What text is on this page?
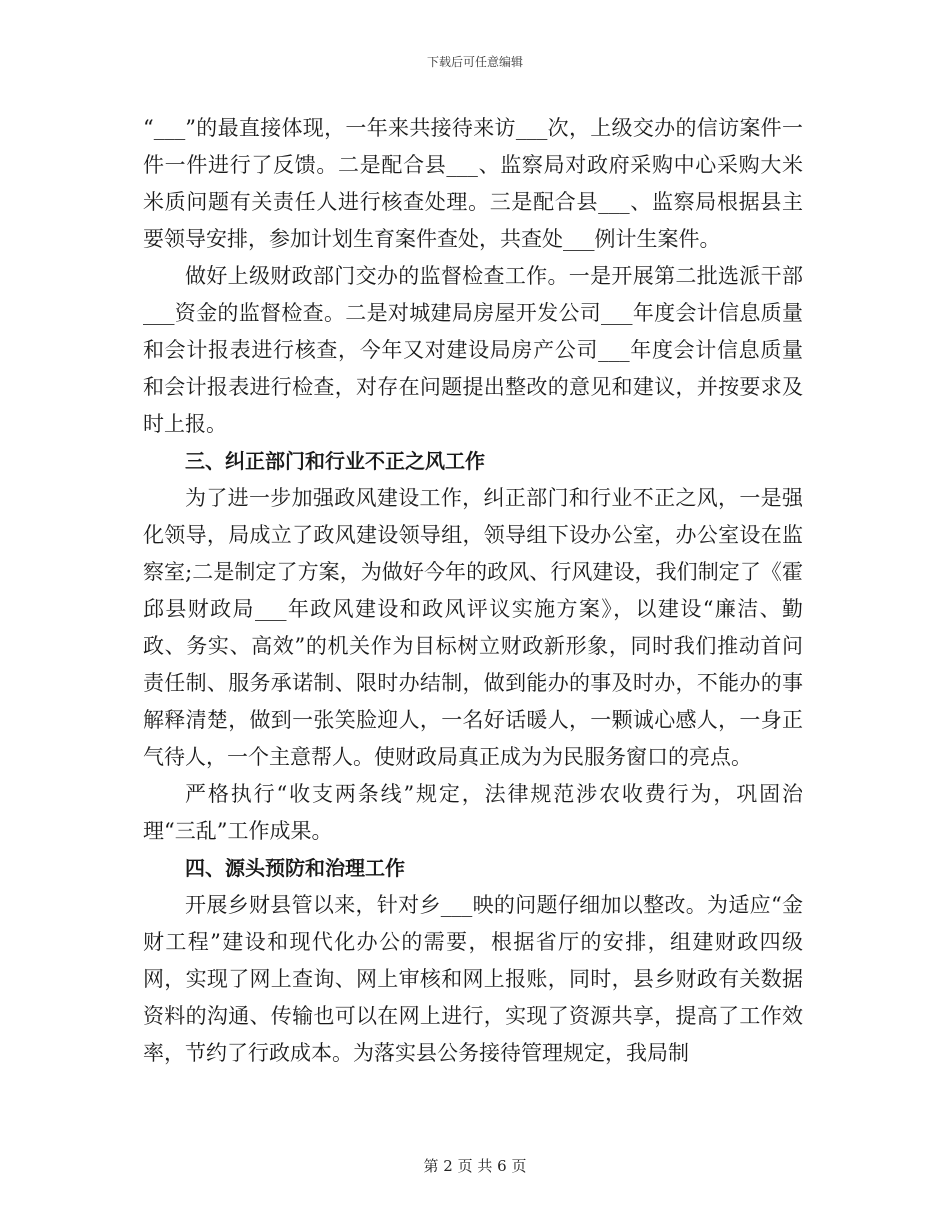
下载后可任意编辑

“___”的最直接体现，一年来共接待来访___次，上级交办的信访案件一件一件进行了反馈。二是配合县___、监察局对政府采购中心采购大米米质问题有关责任人进行核查处理。三是配合县___、监察局根据县主要领导安排，参加计划生育案件查处，共查处___例计生案件。

做好上级财政部门交办的监督检查工作。一是开展第二批选派干部___资金的监督检查。二是对城建局房屋开发公司___年度会计信息质量和会计报表进行核查，今年又对建设局房产公司___年度会计信息质量和会计报表进行检查，对存在问题提出整改的意见和建议，并按要求及时上报。

三、纠正部门和行业不正之风工作

为了进一步加强政风建设工作，纠正部门和行业不正之风，一是强化领导，局成立了政风建设领导组，领导组下设办公室，办公室设在监察室;二是制定了方案，为做好今年的政风、行风建设，我们制定了《霍邱县财政局___年政风建设和政风评议实施方案》，以建设“廉洁、勤政、务实、高效”的机关作为目标树立财政新形象，同时我们推动首问责任制、服务承诺制、限时办结制，做到能办的事及时办，不能办的事解释清楚，做到一张笑脸迎人，一名好话暖人，一颗诚心感人，一身正气待人，一个主意帮人。使财政局真正成为为民服务窗口的亮点。

严格执行“收支两条线”规定，法律规范涉农收费行为，巩固治理“三乱”工作成果。

四、源头预防和治理工作

开展乡财县管以来，针对乡___映的问题仔细加以整改。为适应“金财工程”建设和现代化办公的需要，根据省厅的安排，组建财政四级网，实现了网上查询、网上审核和网上报账，同时，县乡财政有关数据资料的沟通、传输也可以在网上进行，实现了资源共享，提高了工作效率，节约了行政成本。为落实县公务接待管理规定，我局制

第 2 页 共 6 页
